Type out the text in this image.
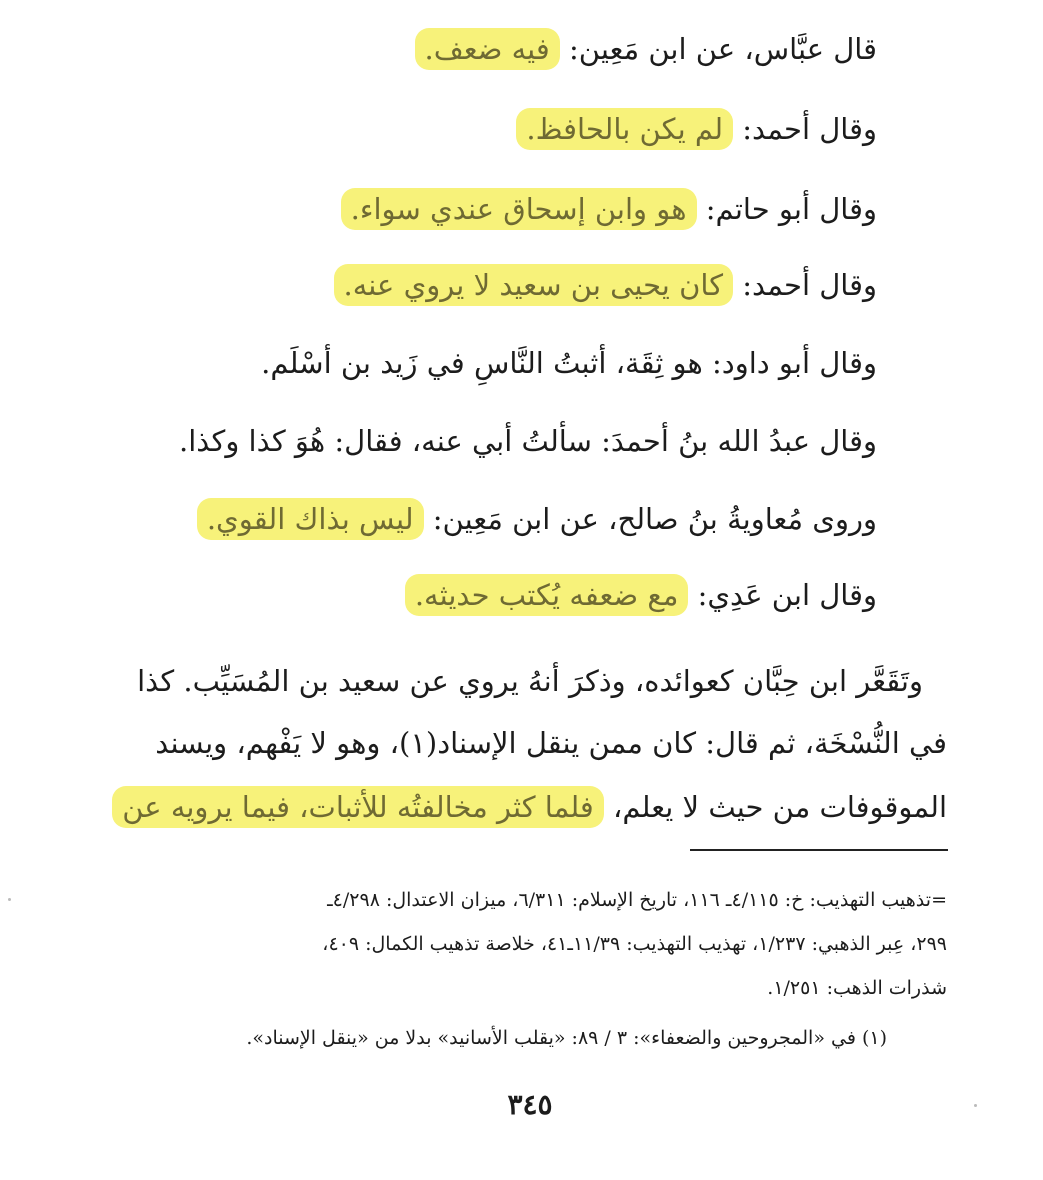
قال عبَّاس، عن ابن مَعِين: فيه ضعف.
وقال أحمد: لم يكن بالحافظ.
وقال أبو حاتم: هو وابن إسحاق عندي سواء.
وقال أحمد: كان يحيى بن سعيد لا يروي عنه.
وقال أبو داود: هو ثِقَة، أثبتُ النَّاسِ في زَيد بن أسْلَم.
وقال عبدُ الله بنُ أحمدَ: سألتُ أبي عنه، فقال: هُوَ كذا وكذا.
وروى مُعاويةُ بنُ صالح، عن ابن مَعِين: ليس بذاك القوي.
وقال ابن عَدِي: مع ضعفه يُكتب حديثه.
وتَقَعَّر ابن حِبَّان كعوائده، وذكرَ أنهُ يروي عن سعيد بن المُسَيِّب. كذا
في النُّسْخَة، ثم قال: كان ممن ينقل الإسناد(١)، وهو لا يَفْهم، ويسند
الموقوفات من حيث لا يعلم، فلما كثر مخالفتُه للأثبات، فيما يرويه عن
=تذهيب التهذيب: خ: ٤/١١٥ـ ١١٦، تاريخ الإسلام: ٦/٣١١، ميزان الاعتدال: ٤/٢٩٨ـ
٢٩٩، عِبر الذهبي: ١/٢٣٧، تهذيب التهذيب: ١١/٣٩ـ٤١، خلاصة تذهيب الكمال: ٤٠٩،
شذرات الذهب: ١/٢٥١.
(١) في «المجروحين والضعفاء»: ٣ / ٨٩: «يقلب الأسانيد» بدلا من «ينقل الإسناد».
٣٤٥
